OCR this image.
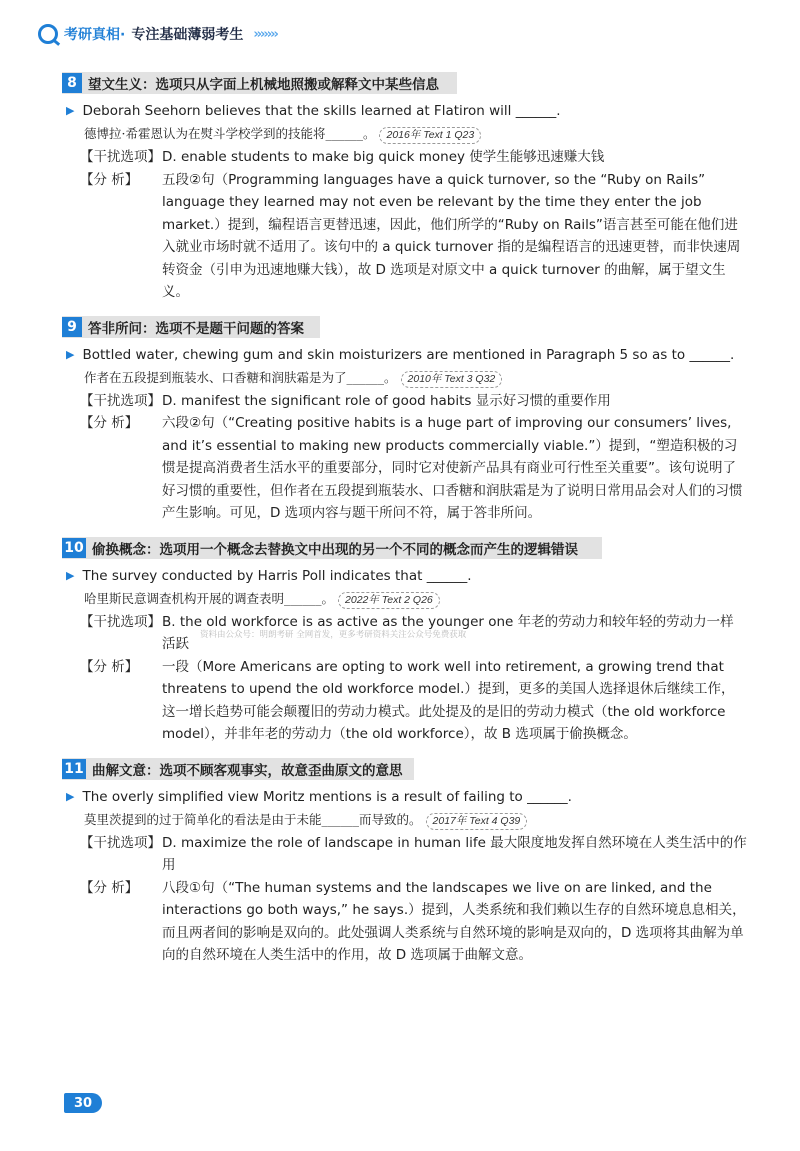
考研真相· 专注基础薄弱考生 ›››››››
8 望文生义：选项只从字面上机械地照搬或解释文中某些信息
▶ Deborah Seehorn believes that the skills learned at Flatiron will ______.
德博拉·希霍恩认为在熨斗学校学到的技能将______。 2016年 Text 1 Q23
【干扰选项】 D. enable students to make big quick money 使学生能够迅速赚大钱
【分 析】	五段②句（Programming languages have a quick turnover, so the “Ruby on Rails” language they learned may not even be relevant by the time they enter the job market.）提到，编程语言更替迅速，因此，他们所学的“Ruby on Rails”语言甚至可能在他们进入就业市场时就不适用了。该句中的 a quick turnover 指的是编程语言的迅速更替，而非快速周转资金（引申为迅速地赚大钱），故 D 选项是对原文中 a quick turnover 的曲解，属于望文生义。
9 答非所问：选项不是题干问题的答案
▶ Bottled water, chewing gum and skin moisturizers are mentioned in Paragraph 5 so as to ______.
作者在五段提到瓶装水、口香糖和润肤霜是为了______。 2010年 Text 3 Q32
【干扰选项】 D. manifest the significant role of good habits 显示好习惯的重要作用
【分 析】	六段②句（“Creating positive habits is a huge part of improving our consumers’ lives, and it’s essential to making new products commercially viable.”）提到，“塑造积极的习惯是提高消费者生活水平的重要部分，同时它对使新产品具有商业可行性至关重要”。该句说明了好习惯的重要性，但作者在五段提到瓶装水、口香糖和润肤霜是为了说明日常用品会对人们的习惯产生影响。可见，D 选项内容与题干所问不符，属于答非所问。
10 偷换概念：选项用一个概念去替换文中出现的另一个不同的概念而产生的逻辑错误
▶ The survey conducted by Harris Poll indicates that ______.
哈里斯民意调查机构开展的调查表明______。 2022年 Text 2 Q26
【干扰选项】 B. the old workforce is as active as the younger one 年老的劳动力和较年轻的劳动力一样活跃
【分 析】	一段（More Americans are opting to work well into retirement, a growing trend that threatens to upend the old workforce model.）提到，更多的美国人选择退休后继续工作，这一增长趋势可能会颠覆旧的劳动力模式。此处提及的是旧的劳动力模式（the old workforce model），并非年老的劳动力（the old workforce），故 B 选项属于偷换概念。
11 曲解文意：选项不顾客观事实，故意歪曲原文的意思
▶ The overly simplified view Moritz mentions is a result of failing to ______.
莫里茨提到的过于简单化的看法是由于未能______而导致的。 2017年 Text 4 Q39
【干扰选项】 D. maximize the role of landscape in human life 最大限度地发挥自然环境在人类生活中的作用
【分 析】	八段①句（“The human systems and the landscapes we live on are linked, and the interactions go both ways,” he says.）提到，人类系统和我们赖以生存的自然环境息息相关，而且两者间的影响是双向的。此处强调人类系统与自然环境的影响是双向的，D 选项将其曲解为单向的自然环境在人类生活中的作用，故 D 选项属于曲解文意。
资料由公众号：明朗考研 全网首发，更多考研资料关注公众号免费获取
30
